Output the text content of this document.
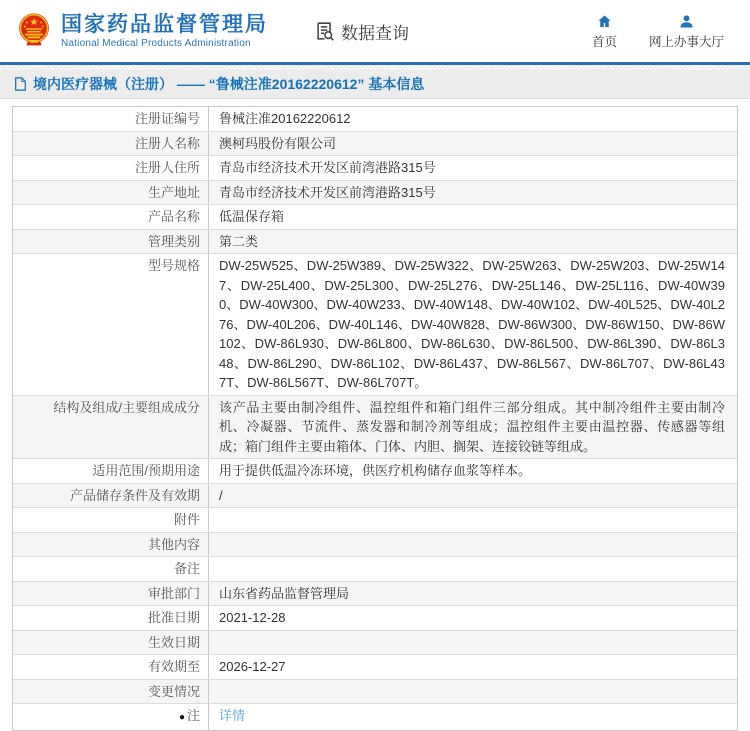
国家药品监督管理局
National Medical Products Administration
数据查询	首页	网上办事大厅
境内医疗器械（注册） —— “鲁械注准20162220612” 基本信息
注册证编号	鲁械注准20162220612
注册人名称	澳柯玛股份有限公司
注册人住所	青岛市经济技术开发区前湾港路315号
生产地址	青岛市经济技术开发区前湾港路315号
产品名称	低温保存箱
管理类别	第二类
型号规格	DW-25W525、DW-25W389、DW-25W322、DW-25W263、DW-25W203、DW-25W147、DW-25L400、DW-25L300、DW-25L276、DW-25L146、DW-25L116、DW-40W390、DW-40W300、DW-40W233、DW-40W148、DW-40W102、DW-40L525、DW-40L276、DW-40L206、DW-40L146、DW-40W828、DW-86W300、DW-86W150、DW-86W102、DW-86L930、DW-86L800、DW-86L630、DW-86L500、DW-86L390、DW-86L348、DW-86L290、DW-86L102、DW-86L437、DW-86L567、DW-86L707、DW-86L437T、DW-86L567T、DW-86L707T。
结构及组成/主要组成成分	该产品主要由制冷组件、温控组件和箱门组件三部分组成。其中制冷组件主要由制冷机、冷凝器、节流件、蒸发器和制冷剂等组成；温控组件主要由温控器、传感器等组成；箱门组件主要由箱体、门体、内胆、搁架、连接铰链等组成。
适用范围/预期用途	用于提供低温冷冻环境，供医疗机构储存血浆等样本。
产品储存条件及有效期	/
附件
其他内容
备注
审批部门	山东省药品监督管理局
批准日期	2021-12-28
生效日期
有效期至	2026-12-27
变更情况
● 注	详情
